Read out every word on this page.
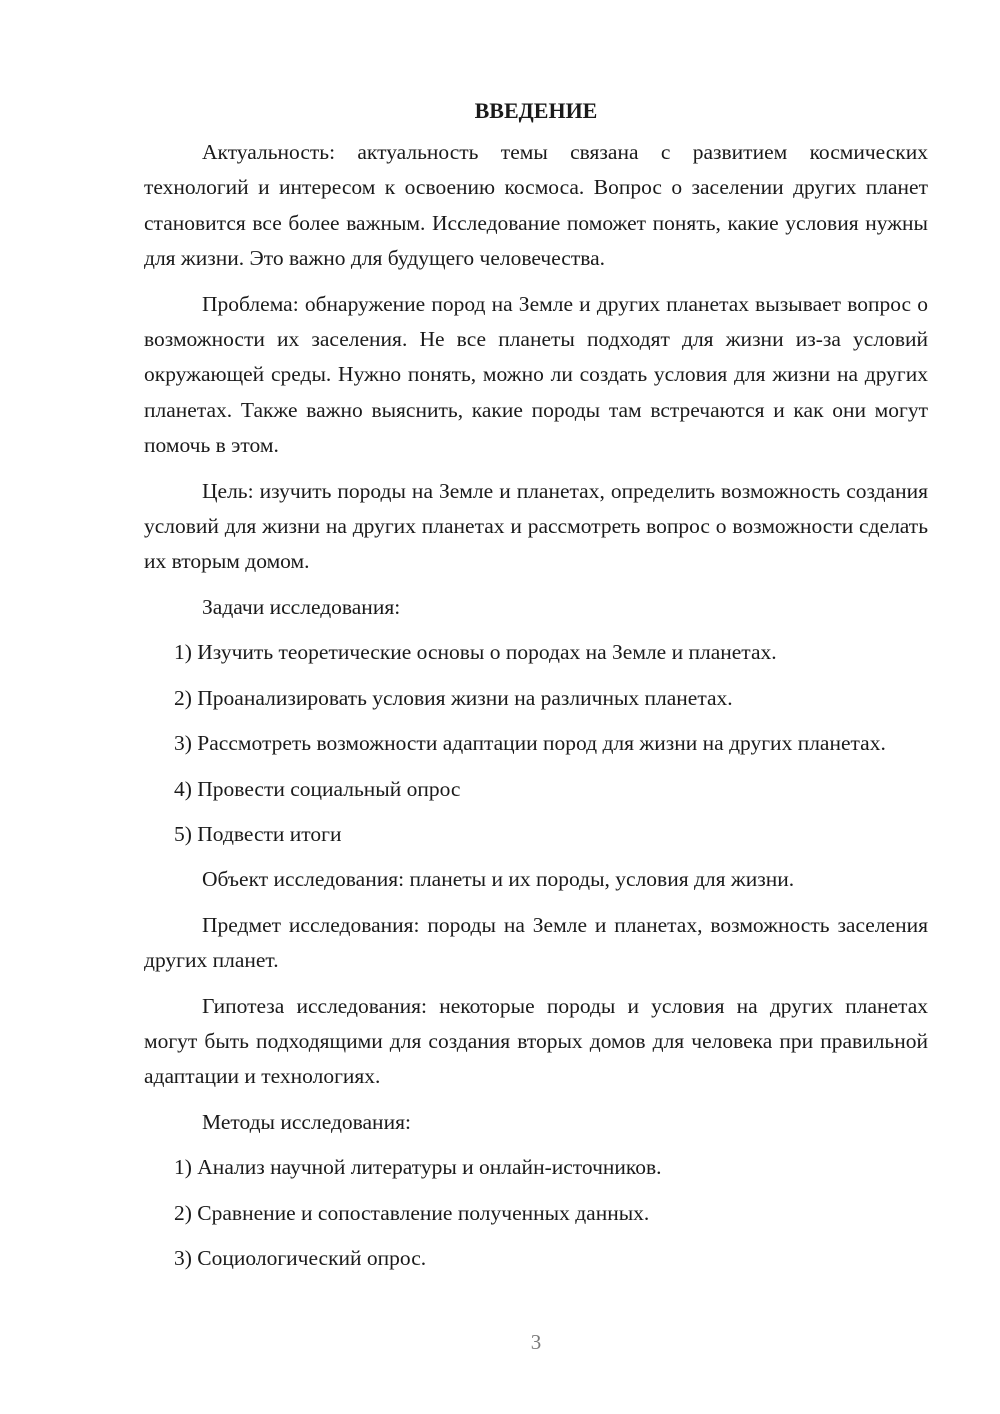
ВВЕДЕНИЕ

Актуальность: актуальность темы связана с развитием космических технологий и интересом к освоению космоса. Вопрос о заселении других планет становится все более важным. Исследование поможет понять, какие условия нужны для жизни. Это важно для будущего человечества.

Проблема: обнаружение пород на Земле и других планетах вызывает вопрос о возможности их заселения. Не все планеты подходят для жизни из-за условий окружающей среды. Нужно понять, можно ли создать условия для жизни на других планетах. Также важно выяснить, какие породы там встречаются и как они могут помочь в этом.

Цель: изучить породы на Земле и планетах, определить возможность создания условий для жизни на других планетах и рассмотреть вопрос о возможности сделать их вторым домом.

Задачи исследования:

1) Изучить теоретические основы о породах на Земле и планетах.

2) Проанализировать условия жизни на различных планетах.

3) Рассмотреть возможности адаптации пород для жизни на других планетах.

4) Провести социальный опрос

5) Подвести итоги

Объект исследования: планеты и их породы, условия для жизни.

Предмет исследования: породы на Земле и планетах, возможность заселения других планет.

Гипотеза исследования: некоторые породы и условия на других планетах могут быть подходящими для создания вторых домов для человека при правильной адаптации и технологиях.

Методы исследования:

1) Анализ научной литературы и онлайн-источников.

2) Сравнение и сопоставление полученных данных.

3) Социологический опрос.

3
